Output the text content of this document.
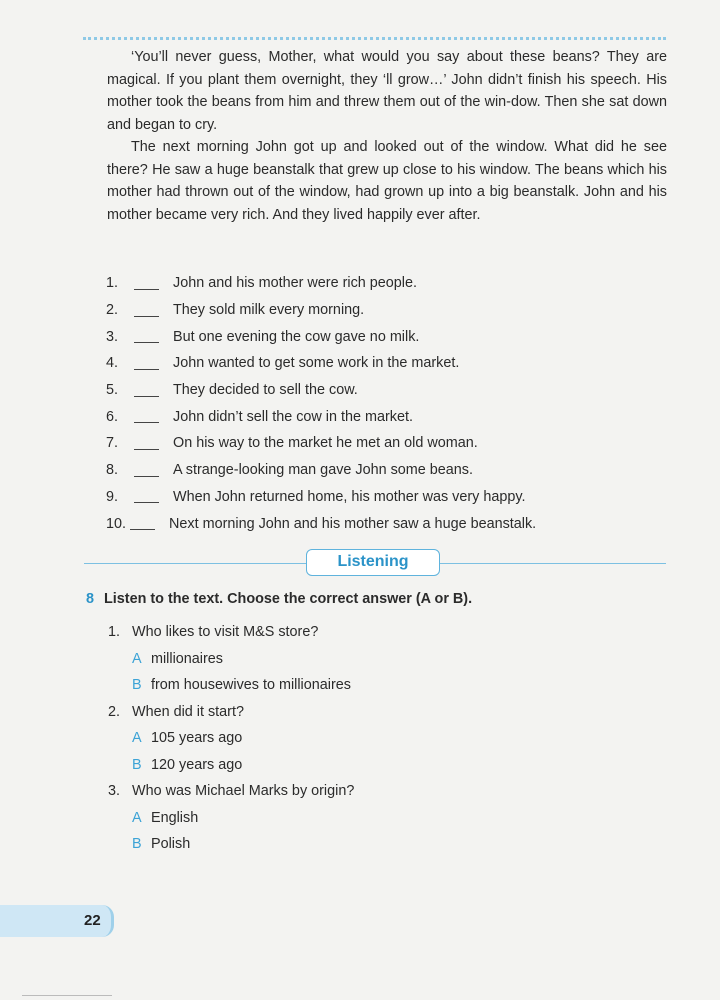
‘You’ll never guess, Mother, what would you say about these beans? They are magical. If you plant them overnight, they ‘ll grow…’ John didn’t finish his speech. His mother took the beans from him and threw them out of the win-dow. Then she sat down and began to cry.

The next morning John got up and looked out of the window. What did he see there? He saw a huge beanstalk that grew up close to his window. The beans which his mother had thrown out of the window, had grown up into a big beanstalk. John and his mother became very rich. And they lived happily ever after.

1.	John and his mother were rich people.
2.	They sold milk every morning.
3.	But one evening the cow gave no milk.
4.	John wanted to get some work in the market.
5.	They decided to sell the cow.
6.	John didn’t sell the cow in the market.
7.	On his way to the market he met an old woman.
8.	A strange-looking man gave John some beans.
9.	When John returned home, his mother was very happy.
10.	Next morning John and his mother saw a huge beanstalk.
Listening
8 Listen to the text. Choose the correct answer (A or B).
1. Who likes to visit M&S store?
A millionaires
B from housewives to millionaires
2. When did it start?
A 105 years ago
B 120 years ago
3. Who was Michael Marks by origin?
A English
B Polish
22
